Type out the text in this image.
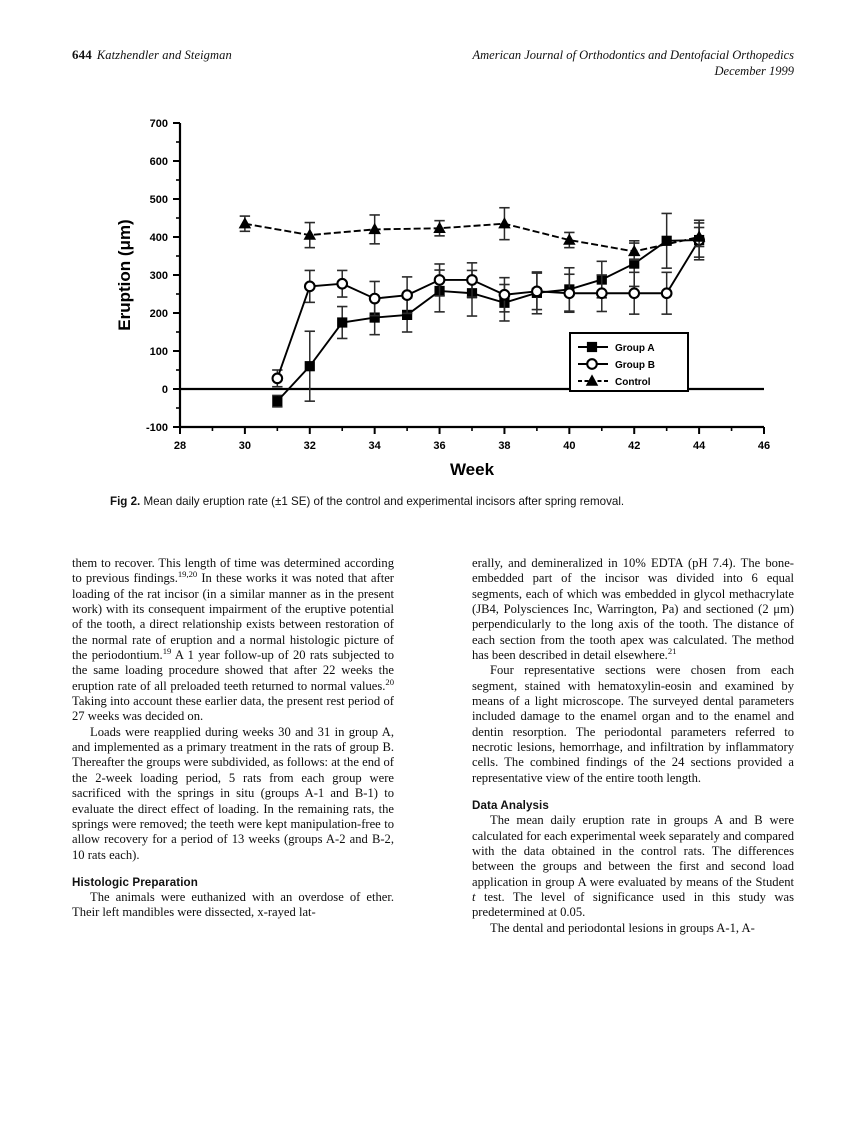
644 Katzhendler and Steigman	American Journal of Orthodontics and Dentofacial Orthopedics
December 1999
-100
0
100
200
300
400
500
600
700
28	30	32	34	36	38	40	42	44	46
Week
Eruption (μm)
Group A
Group B
Control
Fig 2. Mean daily eruption rate (±1 SE) of the control and experimental incisors after spring removal.

them to recover. This length of time was determined according to previous findings.$^{19,20}$ In these works it was noted that after loading of the rat incisor (in a similar manner as in the present work) with its consequent impairment of the eruptive potential of the tooth, a direct relationship exists between restoration of the normal rate of eruption and a normal histologic picture of the periodontium.$^{19}$ A 1 year follow-up of 20 rats subjected to the same loading procedure showed that after 22 weeks the eruption rate of all preloaded teeth returned to normal values.$^{20}$ Taking into account these earlier data, the present rest period of 27 weeks was decided on.

Loads were reapplied during weeks 30 and 31 in group A, and implemented as a primary treatment in the rats of group B. Thereafter the groups were subdivided, as follows: at the end of the 2-week loading period, 5 rats from each group were sacrificed with the springs in situ (groups A-1 and B-1) to evaluate the direct effect of loading. In the remaining rats, the springs were removed; the teeth were kept manipulation-free to allow recovery for a period of 13 weeks (groups A-2 and B-2, 10 rats each).

Histologic Preparation

The animals were euthanized with an overdose of ether. Their left mandibles were dissected, x-rayed lat-

erally, and demineralized in 10% EDTA (pH 7.4). The bone-embedded part of the incisor was divided into 6 equal segments, each of which was embedded in glycol methacrylate (JB4, Polysciences Inc, Warrington, Pa) and sectioned (2 μm) perpendicularly to the long axis of the tooth. The distance of each section from the tooth apex was calculated. The method has been described in detail elsewhere.$^{21}$

Four representative sections were chosen from each segment, stained with hematoxylin-eosin and examined by means of a light microscope. The surveyed dental parameters included damage to the enamel organ and to the enamel and dentin resorption. The periodontal parameters referred to necrotic lesions, hemorrhage, and infiltration by inflammatory cells. The combined findings of the 24 sections provided a representative view of the entire tooth length.

Data Analysis

The mean daily eruption rate in groups A and B were calculated for each experimental week separately and compared with the data obtained in the control rats. The differences between the groups and between the first and second load application in group A were evaluated by means of the Student t test. The level of significance used in this study was predetermined at 0.05.

The dental and periodontal lesions in groups A-1, A-
